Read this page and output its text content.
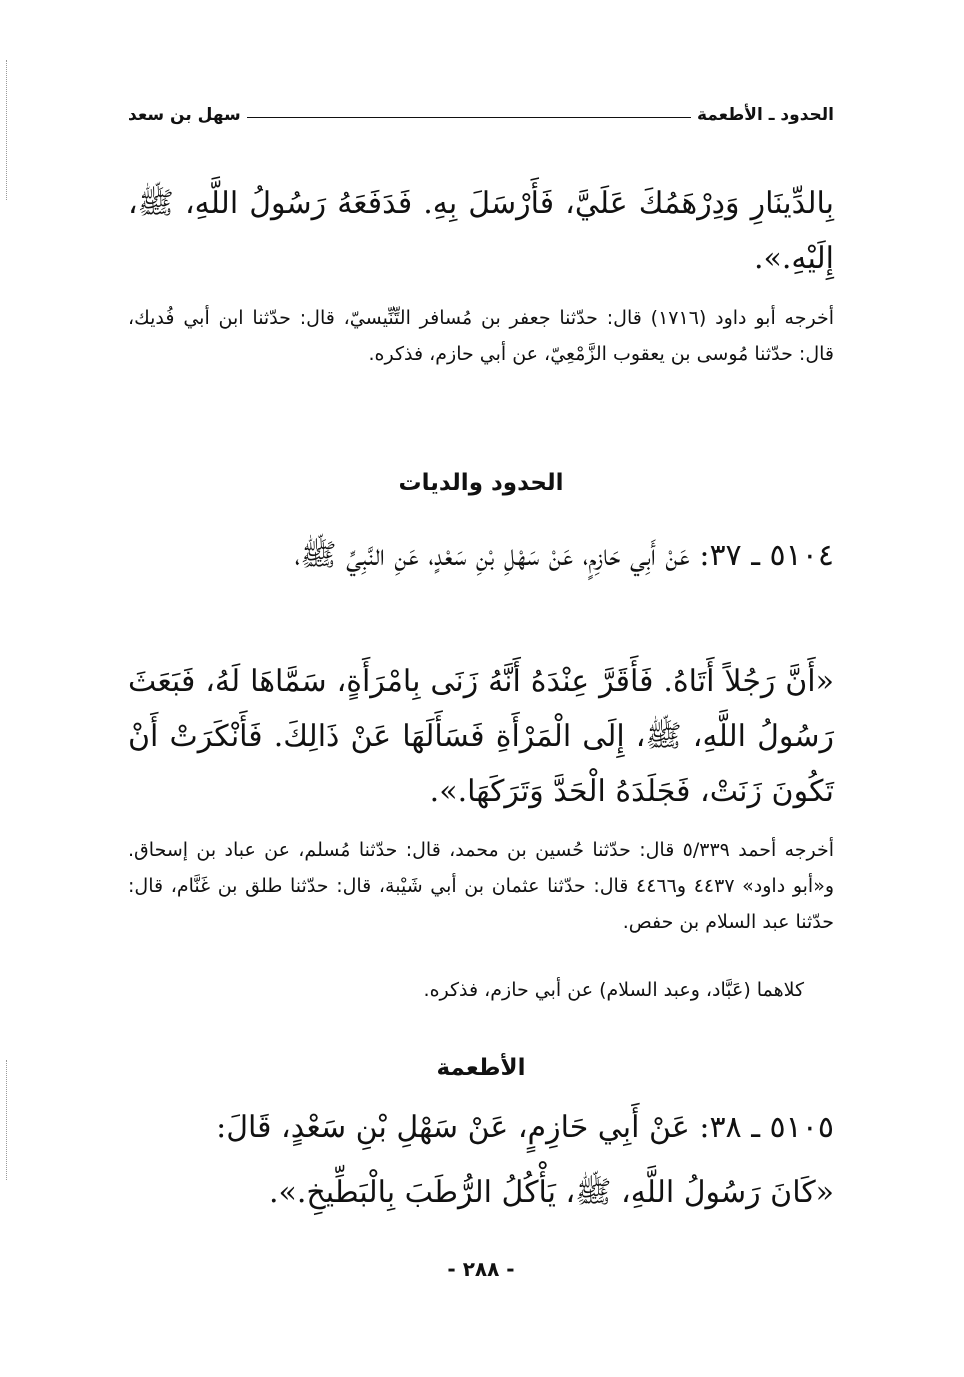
الحدود ـ الأطعمة
سهل بن سعد
بِالدِّينَارِ وَدِرْهَمُكَ عَلَيَّ، فَأَرْسَلَ بِهِ. فَدَفَعَهُ رَسُولُ اللَّهِ، ﷺ، إِلَيْهِ.».
أخرجه أبو داود (١٧١٦) قال: حدّثنا جعفر بن مُسافر التِّنِّيسيّ، قال: حدّثنا ابن أبي فُديك، قال: حدّثنا مُوسى بن يعقوب الزَّمْعِيّ، عن أبي حازم، فذكره.
الحدود والديات
٥١٠٤ ـ ٣٧: عَنْ أَبِي حَازِمٍ، عَنْ سَهْلِ بْنِ سَعْدٍ، عَنِ النَّبِيِّ ﷺ،
«أَنَّ رَجُلاً أَتَاهُ. فَأَقَرَّ عِنْدَهُ أَنَّهُ زَنَى بِامْرَأَةٍ، سَمَّاهَا لَهُ، فَبَعَثَ رَسُولُ اللَّهِ، ﷺ، إِلَى الْمَرْأَةِ فَسَأَلَهَا عَنْ ذَالِكَ. فَأَنْكَرَتْ أَنْ تَكُونَ زَنَتْ، فَجَلَدَهُ الْحَدَّ وَتَرَكَهَا.».
أخرجه أحمد ٥/٣٣٩ قال: حدّثنا حُسين بن محمد، قال: حدّثنا مُسلم، عن عباد بن إسحاق. و«أبو داود» ٤٤٣٧ و٤٤٦٦ قال: حدّثنا عثمان بن أبي شَيْبة، قال: حدّثنا طلق بن غَنَّام، قال: حدّثنا عبد السلام بن حفص.
كلاهما (عَبَّاد، وعبد السلام) عن أبي حازم، فذكره.
الأطعمة
٥١٠٥ ـ ٣٨: عَنْ أَبِي حَازِمٍ، عَنْ سَهْلِ بْنِ سَعْدٍ، قَالَ:
«كَانَ رَسُولُ اللَّهِ، ﷺ، يَأْكُلُ الرُّطَبَ بِالْبَطِّيخِ.».
- ٢٨٨ -
